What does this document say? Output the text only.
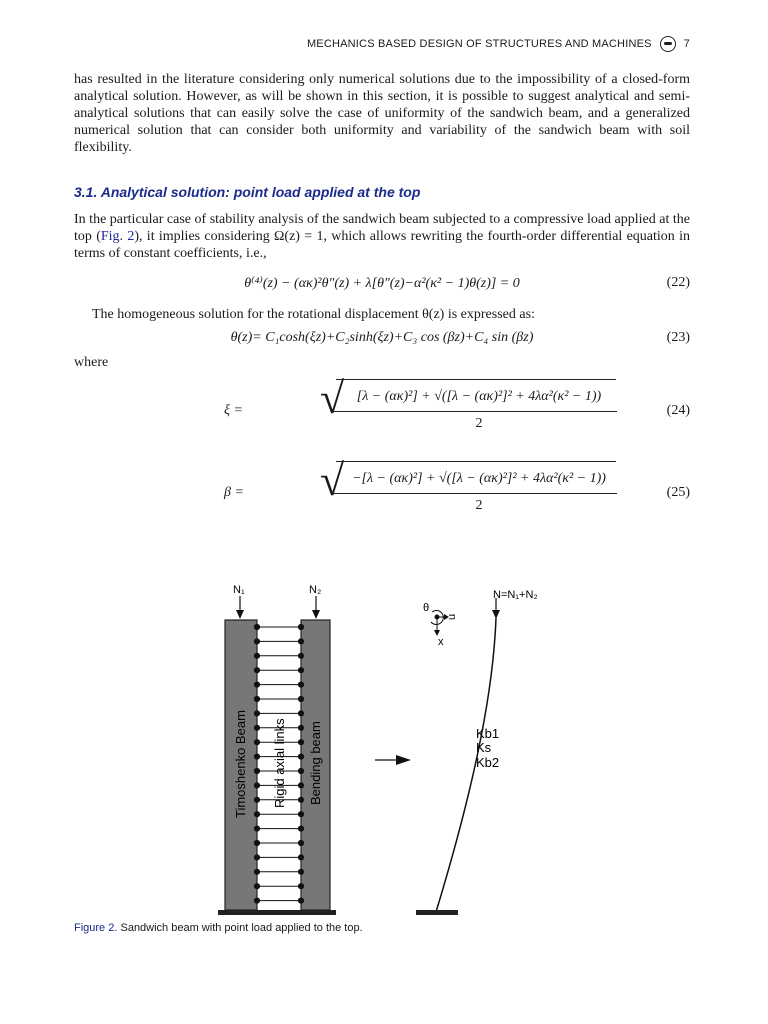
MECHANICS BASED DESIGN OF STRUCTURES AND MACHINES	7

has resulted in the literature considering only numerical solutions due to the impossibility of a closed-form analytical solution. However, as will be shown in this section, it is possible to suggest analytical and semi-analytical solutions that can easily solve the case of uniformity of the sandwich beam, and a generalized numerical solution that can consider both uniformity and variability of the sandwich beam with soil flexibility.

3.1. Analytical solution: point load applied at the top

In the particular case of stability analysis of the sandwich beam subjected to a compressive load applied at the top (Fig. 2), it implies considering Ω(z) = 1, which allows rewriting the fourth-order differential equation in terms of constant coefficients, i.e.,

θ⁽⁴⁾(z) − (ακ)²θ″(z) + λ[θ″(z)−α²(κ² − 1)θ(z)] = 0	(22)

The homogeneous solution for the rotational displacement θ(z) is expressed as:

θ(z)= C₁cosh(ξz)+C₂sinh(ξz)+C₃ cos (βz)+C₄ sin (βz)	(23)
where
ξ = √ [λ − (ακ)²] + √([λ − (ακ)²]² + 4λα²(κ² − 1))
2
(24)
β = √ −[λ − (ακ)²] + √([λ − (ακ)²]² + 4λα²(κ² − 1))
2
(25)
N₁	N₂
Timoshenko Beam Rigid axial links Bending beam
θ
u
x
N=N₁+N₂
Kb1
Ks
Kb2
Figure 2. Sandwich beam with point load applied to the top.
